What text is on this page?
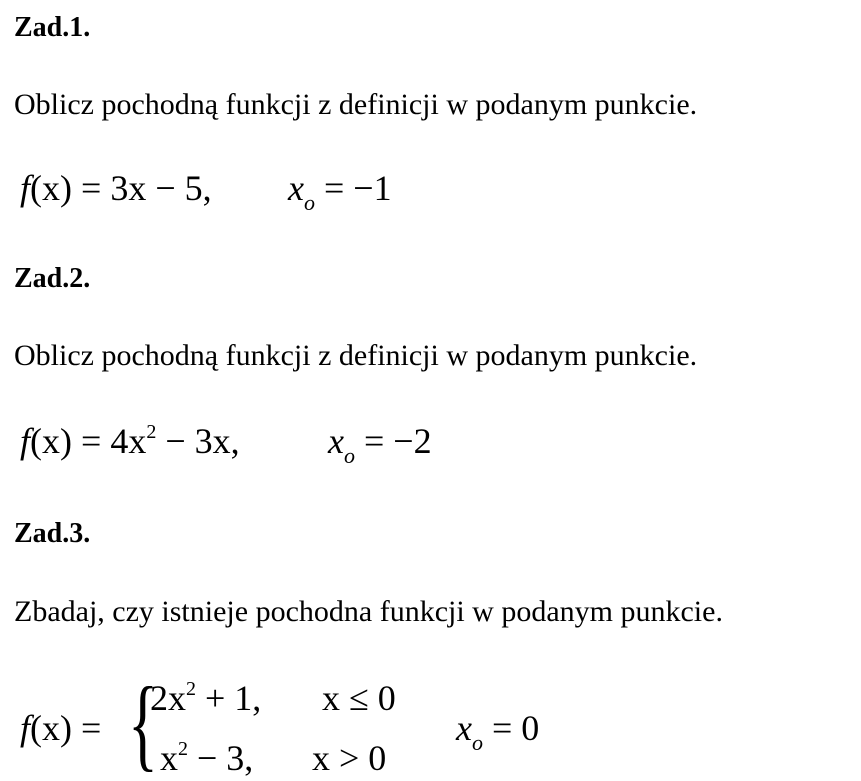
Zad.1.
Oblicz pochodną funkcji z definicji w podanym punkcie.
f(x) = 3x − 5, $x_o = -1$
Zad.2.
Oblicz pochodną funkcji z definicji w podanym punkcie.
$f(x) = 4x^2 - 3x$, $x_o = -2$
Zad.3.
Zbadaj, czy istnieje pochodna funkcji w podanym punkcie.
f(x) = {
$2x^2 + 1$, x ≤ 0
$x^2 - 3$, x > 0
$x_o = 0$
